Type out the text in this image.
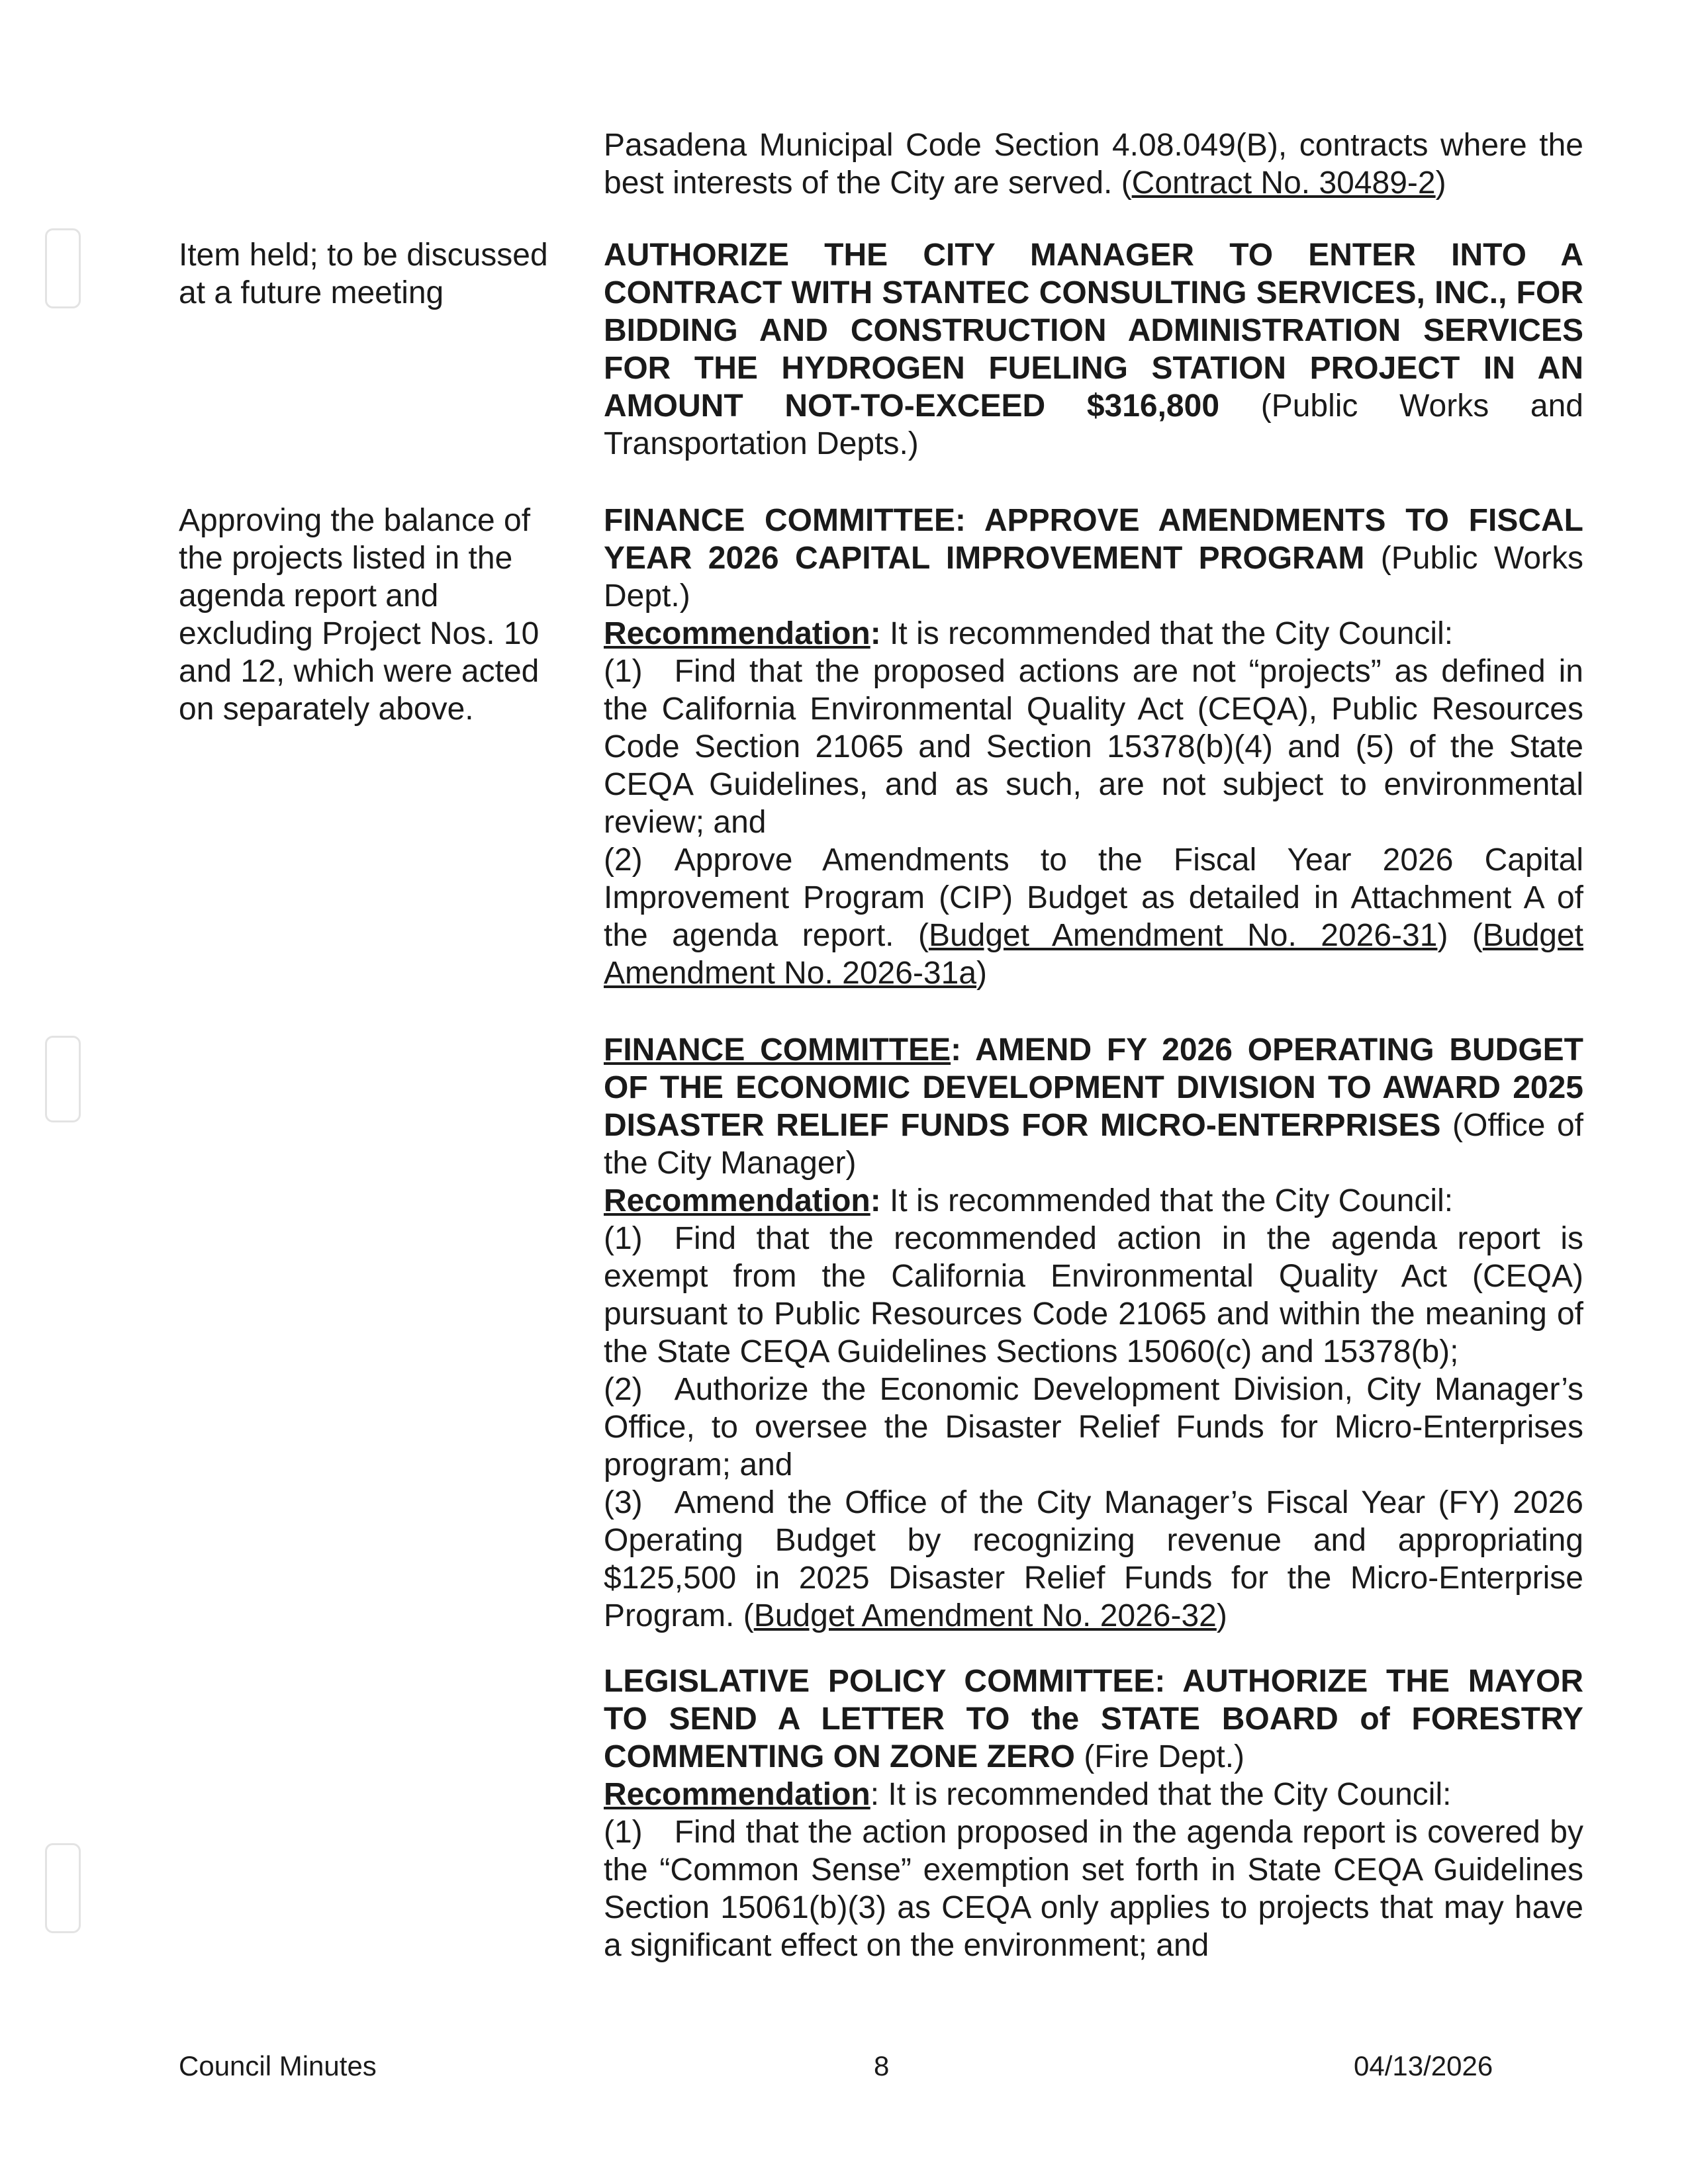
Pasadena Municipal Code Section 4.08.049(B), contracts where the best interests of the City are served. (Contract No. 30489-2)
Item held; to be discussed at a future meeting
AUTHORIZE THE CITY MANAGER TO ENTER INTO A CONTRACT WITH STANTEC CONSULTING SERVICES, INC., FOR BIDDING AND CONSTRUCTION ADMINISTRATION SERVICES FOR THE HYDROGEN FUELING STATION PROJECT IN AN AMOUNT NOT-TO-EXCEED $316,800 (Public Works and Transportation Depts.)
Approving the balance of the projects listed in the agenda report and excluding Project Nos. 10 and 12, which were acted on separately above.
FINANCE COMMITTEE: APPROVE AMENDMENTS TO FISCAL YEAR 2026 CAPITAL IMPROVEMENT PROGRAM (Public Works Dept.)
Recommendation: It is recommended that the City Council:
(1) Find that the proposed actions are not “projects” as defined in the California Environmental Quality Act (CEQA), Public Resources Code Section 21065 and Section 15378(b)(4) and (5) of the State CEQA Guidelines, and as such, are not subject to environmental review; and
(2) Approve Amendments to the Fiscal Year 2026 Capital Improvement Program (CIP) Budget as detailed in Attachment A of the agenda report. (Budget Amendment No. 2026-31) (Budget Amendment No. 2026-31a)
FINANCE COMMITTEE: AMEND FY 2026 OPERATING BUDGET OF THE ECONOMIC DEVELOPMENT DIVISION TO AWARD 2025 DISASTER RELIEF FUNDS FOR MICRO-ENTERPRISES (Office of the City Manager)
Recommendation: It is recommended that the City Council:
(1) Find that the recommended action in the agenda report is exempt from the California Environmental Quality Act (CEQA) pursuant to Public Resources Code 21065 and within the meaning of the State CEQA Guidelines Sections 15060(c) and 15378(b);
(2) Authorize the Economic Development Division, City Manager’s Office, to oversee the Disaster Relief Funds for Micro-Enterprises program; and
(3) Amend the Office of the City Manager’s Fiscal Year (FY) 2026 Operating Budget by recognizing revenue and appropriating $125,500 in 2025 Disaster Relief Funds for the Micro-Enterprise Program. (Budget Amendment No. 2026-32)
LEGISLATIVE POLICY COMMITTEE: AUTHORIZE THE MAYOR TO SEND A LETTER TO the STATE BOARD of FORESTRY COMMENTING ON ZONE ZERO (Fire Dept.)
Recommendation: It is recommended that the City Council:
(1) Find that the action proposed in the agenda report is covered by the “Common Sense” exemption set forth in State CEQA Guidelines Section 15061(b)(3) as CEQA only applies to projects that may have a significant effect on the environment; and
Council Minutes	8	04/13/2026
